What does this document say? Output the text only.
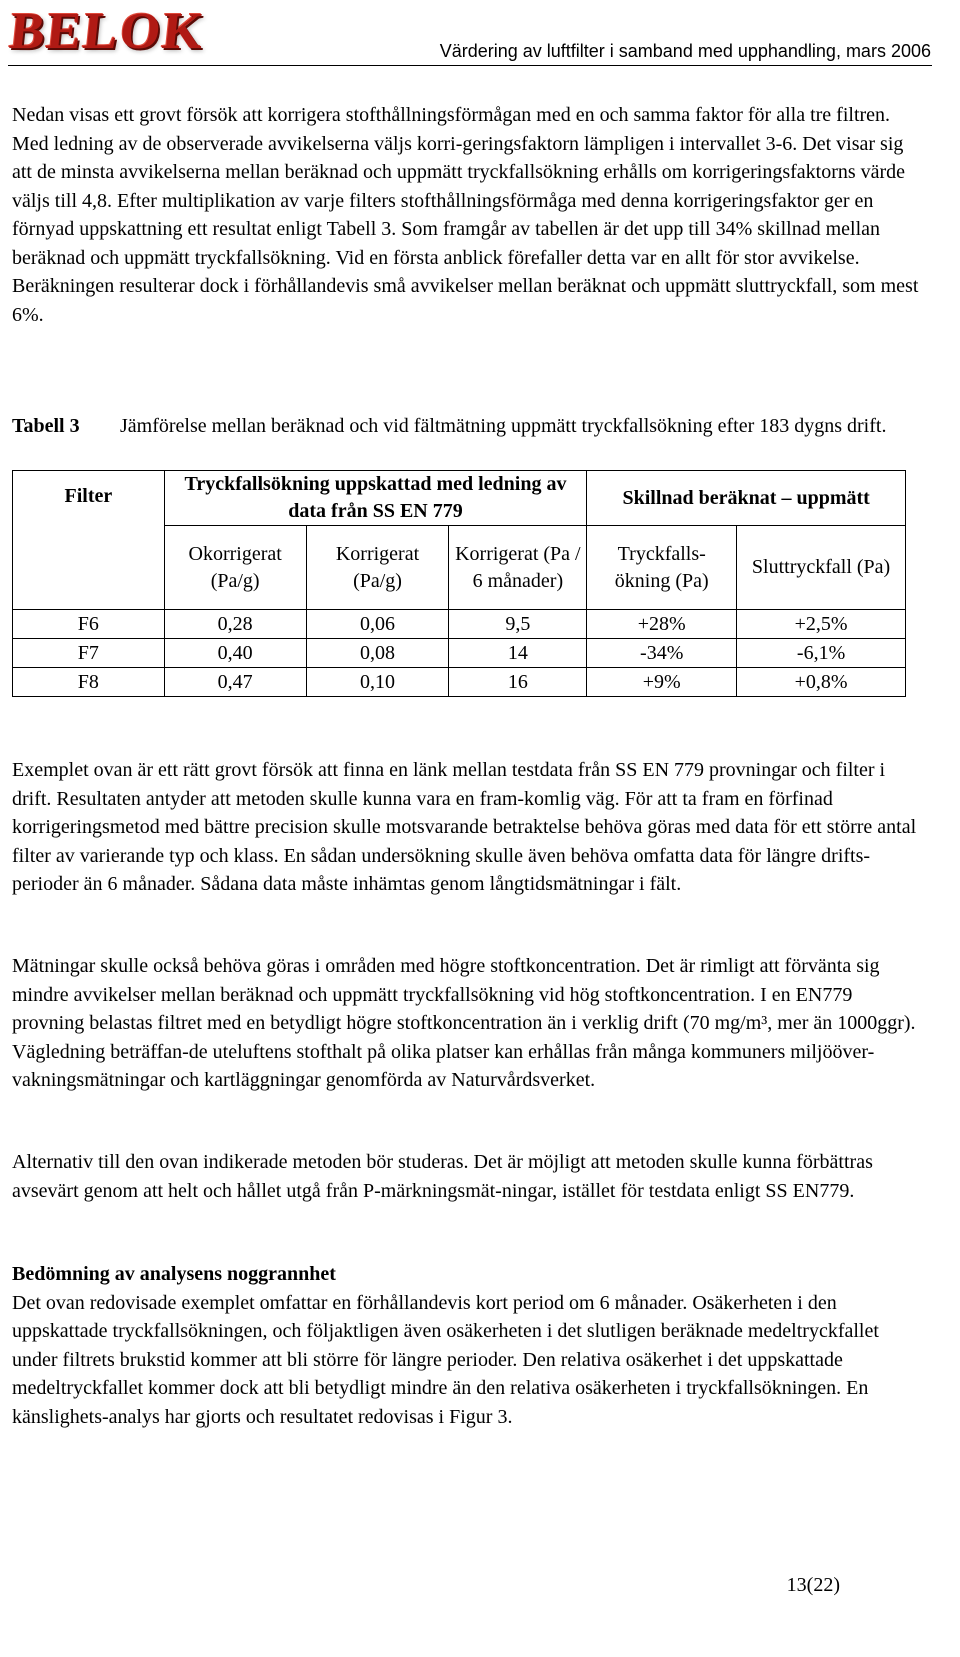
BELOK	Värdering av luftfilter i samband med upphandling, mars 2006

Nedan visas ett grovt försök att korrigera stofthållningsförmågan med en och samma faktor för alla tre filtren. Med ledning av de observerade avvikelserna väljs korri-geringsfaktorn lämpligen i intervallet 3-6. Det visar sig att de minsta avvikelserna mellan beräknad och uppmätt tryckfallsökning erhålls om korrigeringsfaktorns värde väljs till 4,8. Efter multiplikation av varje filters stofthållningsförmåga med denna korrigeringsfaktor ger en förnyad uppskattning ett resultat enligt Tabell 3. Som framgår av tabellen är det upp till 34% skillnad mellan beräknad och uppmätt tryckfallsökning. Vid en första anblick förefaller detta var en allt för stor avvikelse. Beräkningen resulterar dock i förhållandevis små avvikelser mellan beräknat och uppmätt sluttryckfall, som mest 6%.

Tabell 3 Jämförelse mellan beräknad och vid fältmätning uppmätt tryckfallsökning efter 183 dygns drift.
Filter	Tryckfallsökning uppskattad med ledning av data från SS EN 779			Skillnad beräknat – uppmätt	
	Okorrigerat (Pa/g)	Korrigerat (Pa/g)	Korrigerat (Pa / 6 månader)	Tryckfalls-ökning (Pa)	Sluttryckfall (Pa)
F6	0,28	0,06	9,5	+28%	+2,5%
F7	0,40	0,08	14	-34%	-6,1%
F8	0,47	0,10	16	+9%	+0,8%

Exemplet ovan är ett rätt grovt försök att finna en länk mellan testdata från SS EN 779 provningar och filter i drift. Resultaten antyder att metoden skulle kunna vara en fram-komlig väg. För att ta fram en förfinad korrigeringsmetod med bättre precision skulle motsvarande betraktelse behöva göras med data för ett större antal filter av varierande typ och klass. En sådan undersökning skulle även behöva omfatta data för längre drifts-perioder än 6 månader. Sådana data måste inhämtas genom långtidsmätningar i fält.

Mätningar skulle också behöva göras i områden med högre stoftkoncentration. Det är rimligt att förvänta sig mindre avvikelser mellan beräknad och uppmätt tryckfallsökning vid hög stoftkoncentration. I en EN779 provning belastas filtret med en betydligt högre stoftkoncentration än i verklig drift (70 mg/m³, mer än 1000ggr). Vägledning beträffan-de uteluftens stofthalt på olika platser kan erhållas från många kommuners miljööver-vakningsmätningar och kartläggningar genomförda av Naturvårdsverket.

Alternativ till den ovan indikerade metoden bör studeras. Det är möjligt att metoden skulle kunna förbättras avsevärt genom att helt och hållet utgå från P-märkningsmät-ningar, istället för testdata enligt SS EN779.

Bedömning av analysens noggrannhet
Det ovan redovisade exemplet omfattar en förhållandevis kort period om 6 månader. Osäkerheten i den uppskattade tryckfallsökningen, och följaktligen även osäkerheten i det slutligen beräknade medeltryckfallet under filtrets brukstid kommer att bli större för längre perioder. Den relativa osäkerhet i det uppskattade medeltryckfallet kommer dock att bli betydligt mindre än den relativa osäkerheten i tryckfallsökningen. En känslighets-analys har gjorts och resultatet redovisas i Figur 3.
13(22)
